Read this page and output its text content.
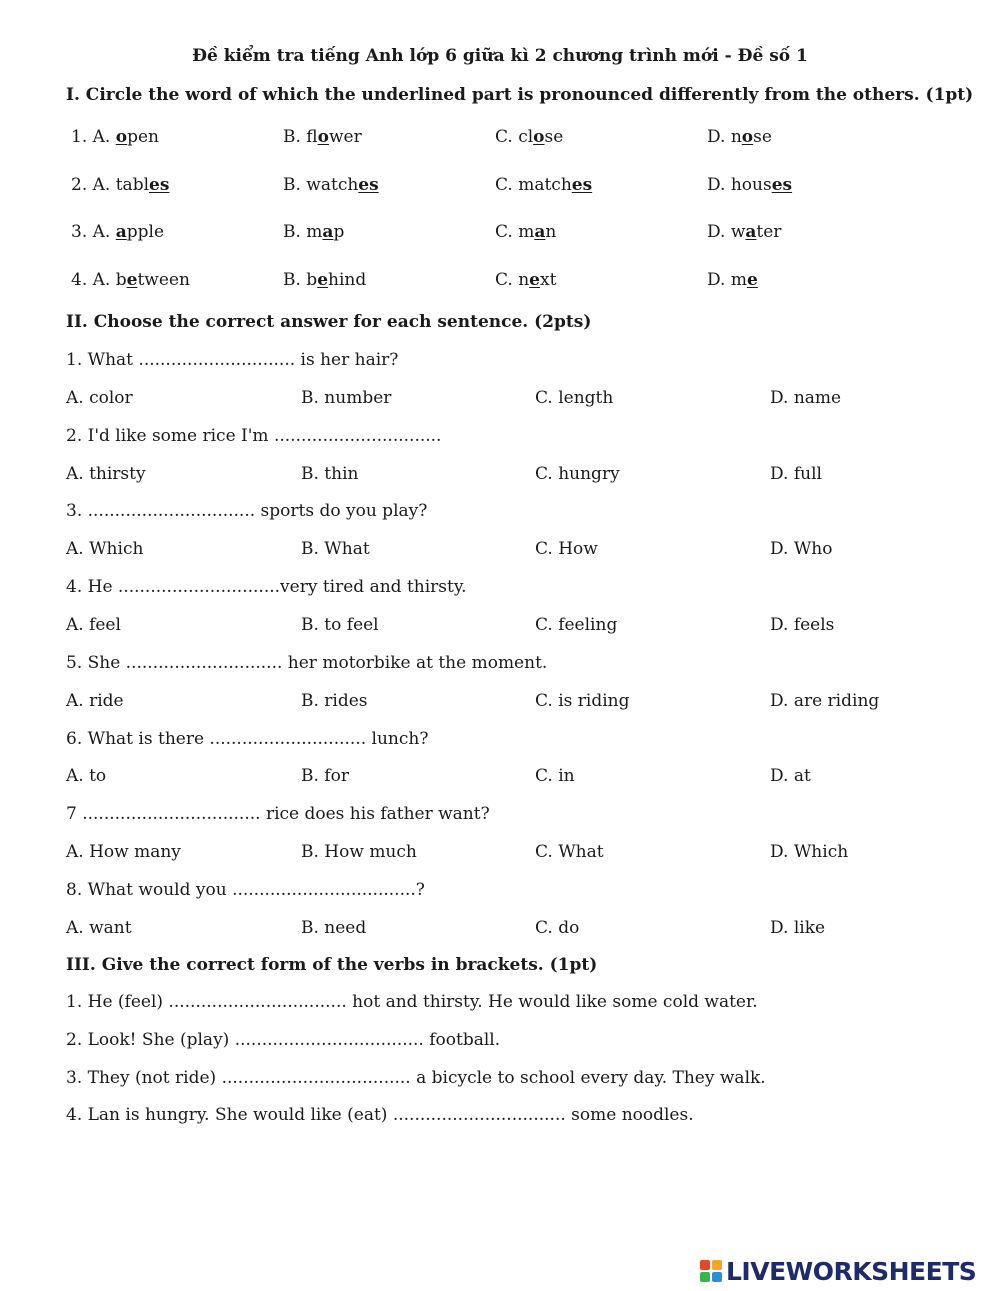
Đề kiểm tra tiếng Anh lớp 6 giữa kì 2 chương trình mới - Đề số 1
I. Circle the word of which the underlined part is pronounced differently from the others. (1pt)
1. A. open	B. flower	C. close	D. nose
2. A. tables	B. watches	C. matches	D. houses
3. A. apple	B. map	C. man	D. water
4. A. between	B. behind	C. next	D. me
II. Choose the correct answer for each sentence. (2pts)
1. What ............................. is her hair?
A. color	B. number	C. length	D. name
2. I'd like some rice I'm ...............................
A. thirsty	B. thin	C. hungry	D. full
3. ............................... sports do you play?
A. Which	B. What	C. How	D. Who
4. He ..............................very tired and thirsty.
A. feel	B. to feel	C. feeling	D. feels
5. She ............................. her motorbike at the moment.
A. ride	B. rides	C. is riding	D. are riding
6. What is there ............................. lunch?
A. to	B. for	C. in	D. at
7 ................................. rice does his father want?
A. How many	B. How much	C. What	D. Which
8. What would you ..................................?
A. want	B. need	C. do	D. like
III. Give the correct form of the verbs in brackets. (1pt)
1. He (feel) ................................. hot and thirsty. He would like some cold water.
2. Look! She (play) ................................... football.
3. They (not ride) ................................... a bicycle to school every day. They walk.
4. Lan is hungry. She would like (eat) ................................ some noodles.
LIVEWORKSHEETS
